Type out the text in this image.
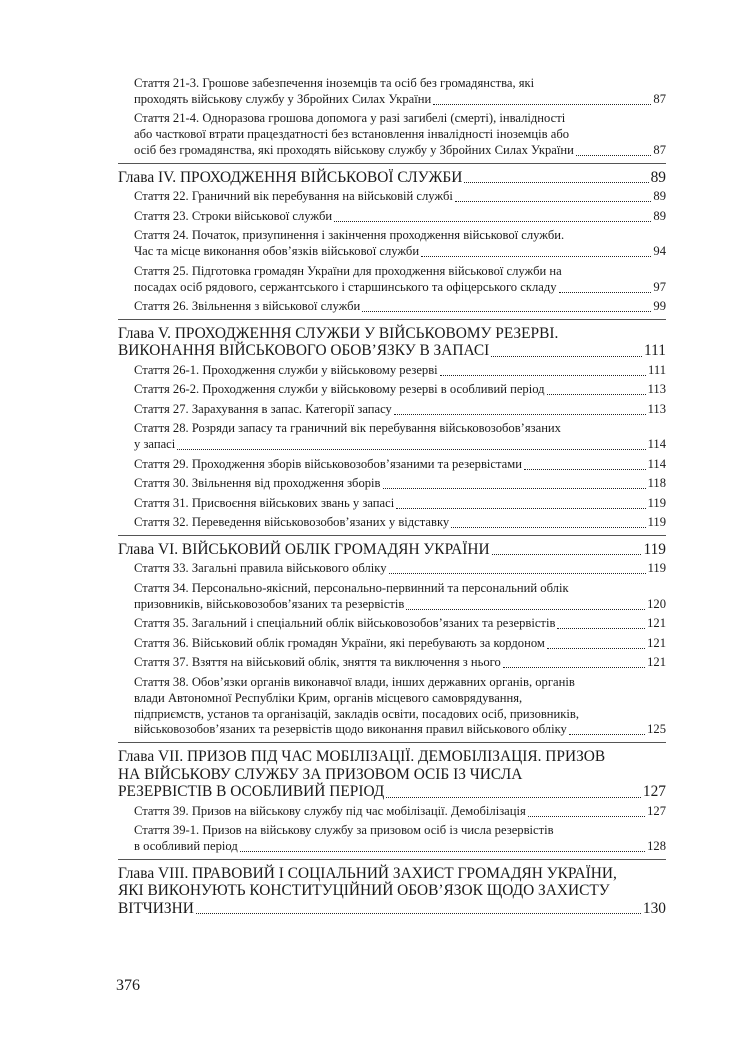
Стаття 21-3. Грошове забезпечення іноземців та осіб без громадянства, які
проходять військову службу у Збройних Силах України	87
Стаття 21-4. Одноразова грошова допомога у разі загибелі (смерті), інвалідності
або часткової втрати працездатності без встановлення інвалідності іноземців або
осіб без громадянства, які проходять військову службу у Збройних Силах України	87
Глава IV. ПРОХОДЖЕННЯ ВІЙСЬКОВОЇ СЛУЖБИ	89
Стаття 22. Граничний вік перебування на військовій службі	89
Стаття 23. Строки військової служби	89
Стаття 24. Початок, призупинення і закінчення проходження військової служби.
Час та місце виконання обов’язків військової служби	94
Стаття 25. Підготовка громадян України для проходження військової служби на
посадах осіб рядового, сержантського і старшинського та офіцерського складу	97
Стаття 26. Звільнення з військової служби	99
Глава V. ПРОХОДЖЕННЯ СЛУЖБИ У ВІЙСЬКОВОМУ РЕЗЕРВІ.
ВИКОНАННЯ ВІЙСЬКОВОГО ОБОВ’ЯЗКУ В ЗАПАСІ	111
Стаття 26-1. Проходження служби у військовому резерві	111
Стаття 26-2. Проходження служби у військовому резерві в особливий період	113
Стаття 27. Зарахування в запас. Категорії запасу	113
Стаття 28. Розряди запасу та граничний вік перебування військовозобов’язаних
у запасі	114
Стаття 29. Проходження зборів військовозобов’язаними та резервістами	114
Стаття 30. Звільнення від проходження зборів	118
Стаття 31. Присвоєння військових звань у запасі	119
Стаття 32. Переведення військовозобов’язаних у відставку	119
Глава VI. ВІЙСЬКОВИЙ ОБЛІК ГРОМАДЯН УКРАЇНИ	119
Стаття 33. Загальні правила військового обліку	119
Стаття 34. Персонально-якісний, персонально-первинний та персональний облік
призовників, військовозобов’язаних та резервістів	120
Стаття 35. Загальний і спеціальний облік військовозобов’язаних та резервістів	121
Стаття 36. Військовий облік громадян України, які перебувають за кордоном	121
Стаття 37. Взяття на військовий облік, зняття та виключення з нього	121
Стаття 38. Обов’язки органів виконавчої влади, інших державних органів, органів
влади Автономної Республіки Крим, органів місцевого самоврядування,
підприємств, установ та організацій, закладів освіти, посадових осіб, призовників,
військовозобов’язаних та резервістів щодо виконання правил військового обліку	125
Глава VII. ПРИЗОВ ПІД ЧАС МОБІЛІЗАЦІЇ. ДЕМОБІЛІЗАЦІЯ. ПРИЗОВ
НА ВІЙСЬКОВУ СЛУЖБУ ЗА ПРИЗОВОМ ОСІБ ІЗ ЧИСЛА
РЕЗЕРВІСТІВ В ОСОБЛИВИЙ ПЕРІОД	127
Стаття 39. Призов на військову службу під час мобілізації. Демобілізація	127
Стаття 39-1. Призов на військову службу за призовом осіб із числа резервістів
в особливий період	128
Глава VIII. ПРАВОВИЙ І СОЦІАЛЬНИЙ ЗАХИСТ ГРОМАДЯН УКРАЇНИ,
ЯКІ ВИКОНУЮТЬ КОНСТИТУЦІЙНИЙ ОБОВ’ЯЗОК ЩОДО ЗАХИСТУ
ВІТЧИЗНИ	130
376
